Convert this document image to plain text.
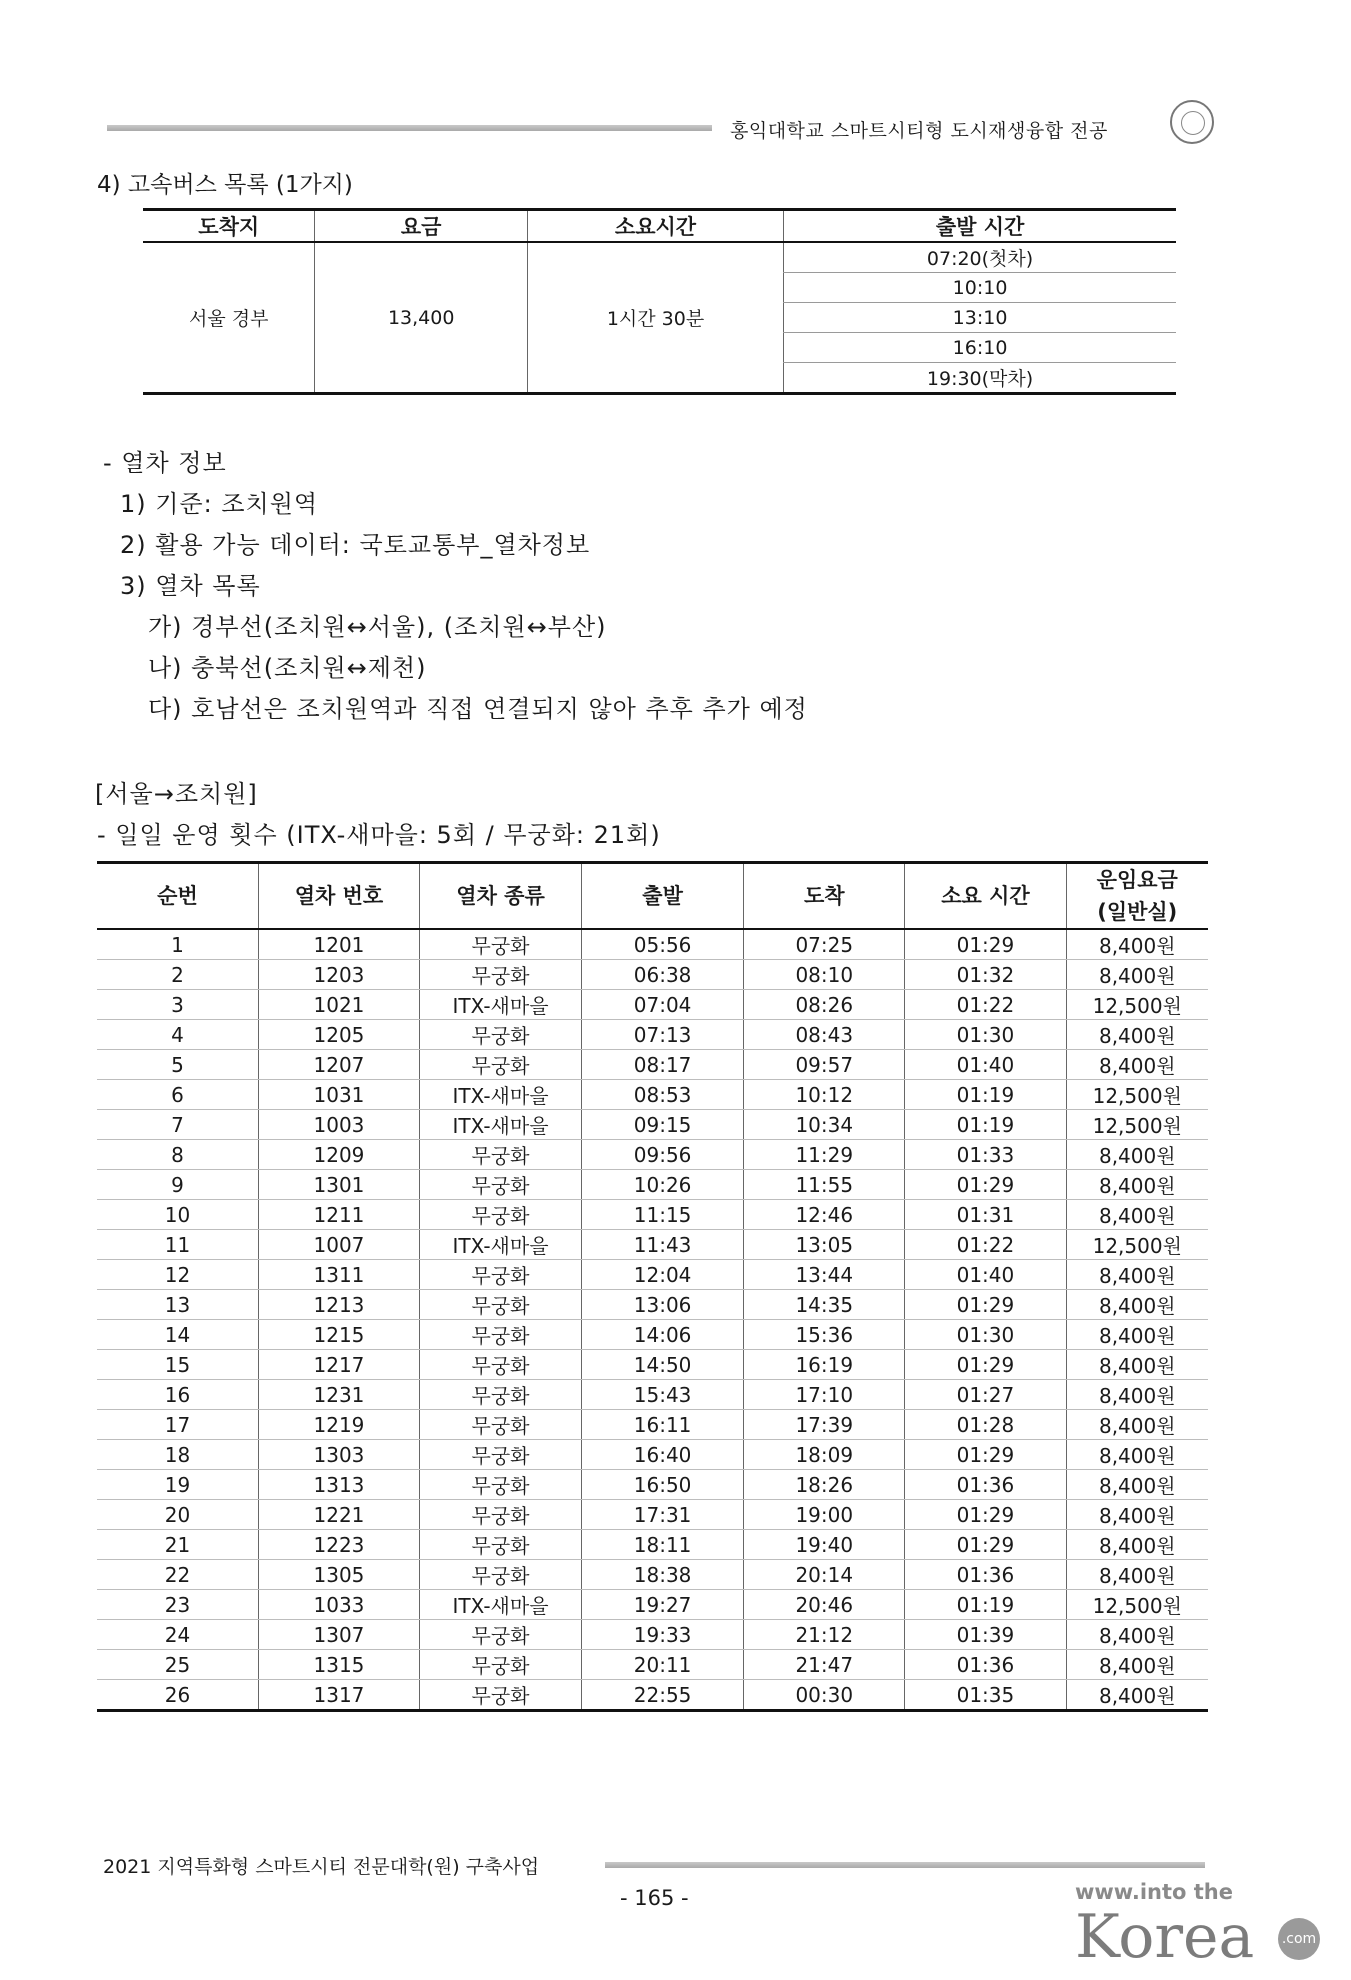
홍익대학교 스마트시티형 도시재생융합 전공
4) 고속버스 목록 (1가지)
도착지	요금	소요시간	출발 시간
서울 경부	13,400	1시간 30분	07:20(첫차)
			10:10
			13:10
			16:10
			19:30(막차)
- 열차 정보
1) 기준: 조치원역
2) 활용 가능 데이터: 국토교통부_열차정보
3) 열차 목록
가) 경부선(조치원↔서울), (조치원↔부산)
나) 충북선(조치원↔제천)
다) 호남선은 조치원역과 직접 연결되지 않아 추후 추가 예정
[서울→조치원]
- 일일 운영 횟수 (ITX-새마을: 5회 / 무궁화: 21회)
순번	열차 번호	열차 종류	출발	도착	소요 시간	운임요금
(일반실)
1	1201	무궁화	05:56	07:25	01:29	8,400원
2	1203	무궁화	06:38	08:10	01:32	8,400원
3	1021	ITX-새마을	07:04	08:26	01:22	12,500원
4	1205	무궁화	07:13	08:43	01:30	8,400원
5	1207	무궁화	08:17	09:57	01:40	8,400원
6	1031	ITX-새마을	08:53	10:12	01:19	12,500원
7	1003	ITX-새마을	09:15	10:34	01:19	12,500원
8	1209	무궁화	09:56	11:29	01:33	8,400원
9	1301	무궁화	10:26	11:55	01:29	8,400원
10	1211	무궁화	11:15	12:46	01:31	8,400원
11	1007	ITX-새마을	11:43	13:05	01:22	12,500원
12	1311	무궁화	12:04	13:44	01:40	8,400원
13	1213	무궁화	13:06	14:35	01:29	8,400원
14	1215	무궁화	14:06	15:36	01:30	8,400원
15	1217	무궁화	14:50	16:19	01:29	8,400원
16	1231	무궁화	15:43	17:10	01:27	8,400원
17	1219	무궁화	16:11	17:39	01:28	8,400원
18	1303	무궁화	16:40	18:09	01:29	8,400원
19	1313	무궁화	16:50	18:26	01:36	8,400원
20	1221	무궁화	17:31	19:00	01:29	8,400원
21	1223	무궁화	18:11	19:40	01:29	8,400원
22	1305	무궁화	18:38	20:14	01:36	8,400원
23	1033	ITX-새마을	19:27	20:46	01:19	12,500원
24	1307	무궁화	19:33	21:12	01:39	8,400원
25	1315	무궁화	20:11	21:47	01:36	8,400원
26	1317	무궁화	22:55	00:30	01:35	8,400원
2021 지역특화형 스마트시티 전문대학(원) 구축사업
- 165 -	www.into the
Korea .com
